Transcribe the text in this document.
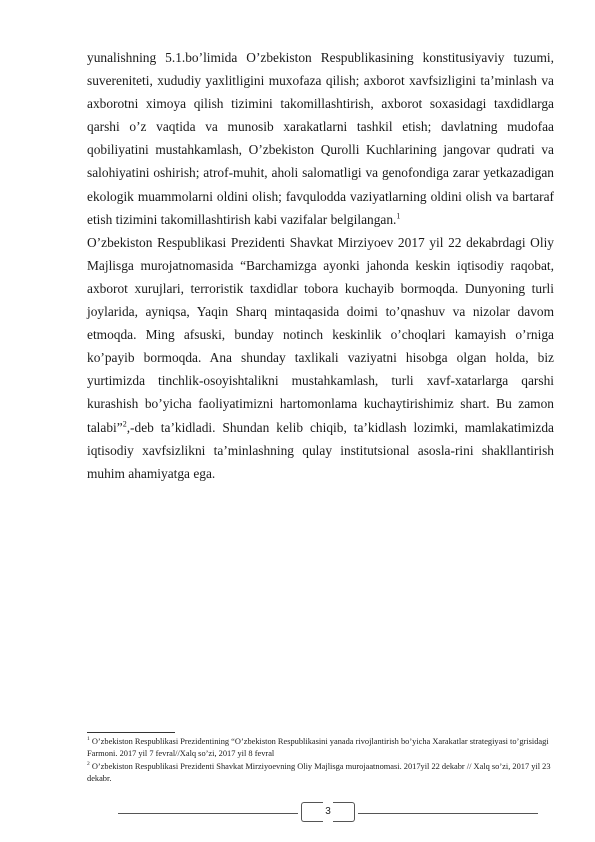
yunalishning 5.1.bo’limida O’zbekiston Respublikasining konstitusiyaviy tuzumi, suvereniteti, xududiy yaxlitligini muxofaza qilish; axborot xavfsizligini taʼminlash va axborotni ximoya qilish tizimini takomillashtirish, axborot soxasidagi taxdidlarga qarshi o’z vaqtida va munosib xarakatlarni tashkil etish; davlatning mudofaa qobiliyatini mustahkamlash, O’zbekiston Qurolli Kuchlarining jangovar qudrati va salohiyatini oshirish; atrof-muhit, aholi salomatligi va genofondiga zarar yetkazadigan ekologik muammolarni oldini olish; favqulodda vaziyatlarning oldini olish va bartaraf etish tizimini takomillashtirish kabi vazifalar belgilangan.$^1$

O’zbekiston Respublikasi Prezidenti Shavkat Mirziyoev 2017 yil 22 dekabrdagi Oliy Majlisga murojatnomasida “Barchamizga ayonki jahonda keskin iqtisodiy raqobat, axborot xurujlari, terroristik taxdidlar tobora kuchayib bormoqda. Dunyoning turli joylarida, ayniqsa, Yaqin Sharq mintaqasida doimi to’qnashuv va nizolar davom etmoqda. Ming afsuski, bunday notinch keskinlik o’choqlari kamayish o’rniga ko’payib bormoqda. Ana shunday taxlikali vaziyatni hisobga olgan holda, biz yurtimizda tinchlik-osoyishtalikni mustahkamlash, turli xavf-xatarlarga qarshi kurashish bo’yicha faoliyatimizni hartomonlama kuchaytirishimiz shart. Bu zamon talabi”$^2$,-deb taʼkidladi. Shundan kelib chiqib, taʼkidlash lozimki, mamlakatimizda iqtisodiy xavfsizlikni taʼminlashning qulay institutsional asosla-rini shakllantirish muhim ahamiyatga ega.

$^1$ O’zbekiston Respublikasi Prezidentining “O’zbekiston Respublikasini yanada rivojlantirish bo’yicha Xarakatlar strategiyasi to’grisidagi Farmoni. 2017 yil 7 fevral//Xalq so’zi, 2017 yil 8 fevral

$^2$ O’zbekiston Respublikasi Prezidenti Shavkat Mirziyoevning Oliy Majlisga murojaatnomasi. 2017yil 22 dekabr // Xalq so’zi, 2017 yil 23 dekabr.

3
